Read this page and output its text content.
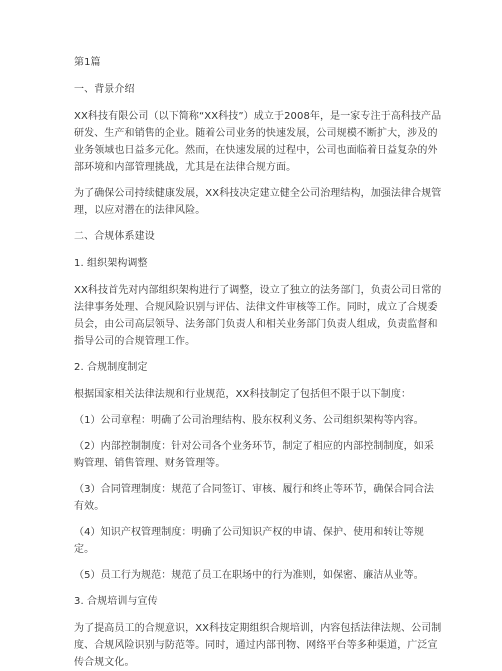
第1篇

一、背景介绍

XX科技有限公司（以下简称“XX科技”）成立于2008年，是一家专注于高科技产品研发、生产和销售的企业。随着公司业务的快速发展，公司规模不断扩大，涉及的业务领域也日益多元化。然而，在快速发展的过程中，公司也面临着日益复杂的外部环境和内部管理挑战，尤其是在法律合规方面。

为了确保公司持续健康发展，XX科技决定建立健全公司治理结构，加强法律合规管理，以应对潜在的法律风险。

二、合规体系建设

1. 组织架构调整

XX科技首先对内部组织架构进行了调整，设立了独立的法务部门，负责公司日常的法律事务处理、合规风险识别与评估、法律文件审核等工作。同时，成立了合规委员会，由公司高层领导、法务部门负责人和相关业务部门负责人组成，负责监督和指导公司的合规管理工作。

2. 合规制度制定

根据国家相关法律法规和行业规范，XX科技制定了包括但不限于以下制度：

（1）公司章程：明确了公司治理结构、股东权利义务、公司组织架构等内容。

（2）内部控制制度：针对公司各个业务环节，制定了相应的内部控制制度，如采购管理、销售管理、财务管理等。

（3）合同管理制度：规范了合同签订、审核、履行和终止等环节，确保合同合法有效。

（4）知识产权管理制度：明确了公司知识产权的申请、保护、使用和转让等规定。

（5）员工行为规范：规范了员工在职场中的行为准则，如保密、廉洁从业等。

3. 合规培训与宣传

为了提高员工的合规意识，XX科技定期组织合规培训，内容包括法律法规、公司制度、合规风险识别与防范等。同时，通过内部刊物、网络平台等多种渠道，广泛宣传合规文化。
